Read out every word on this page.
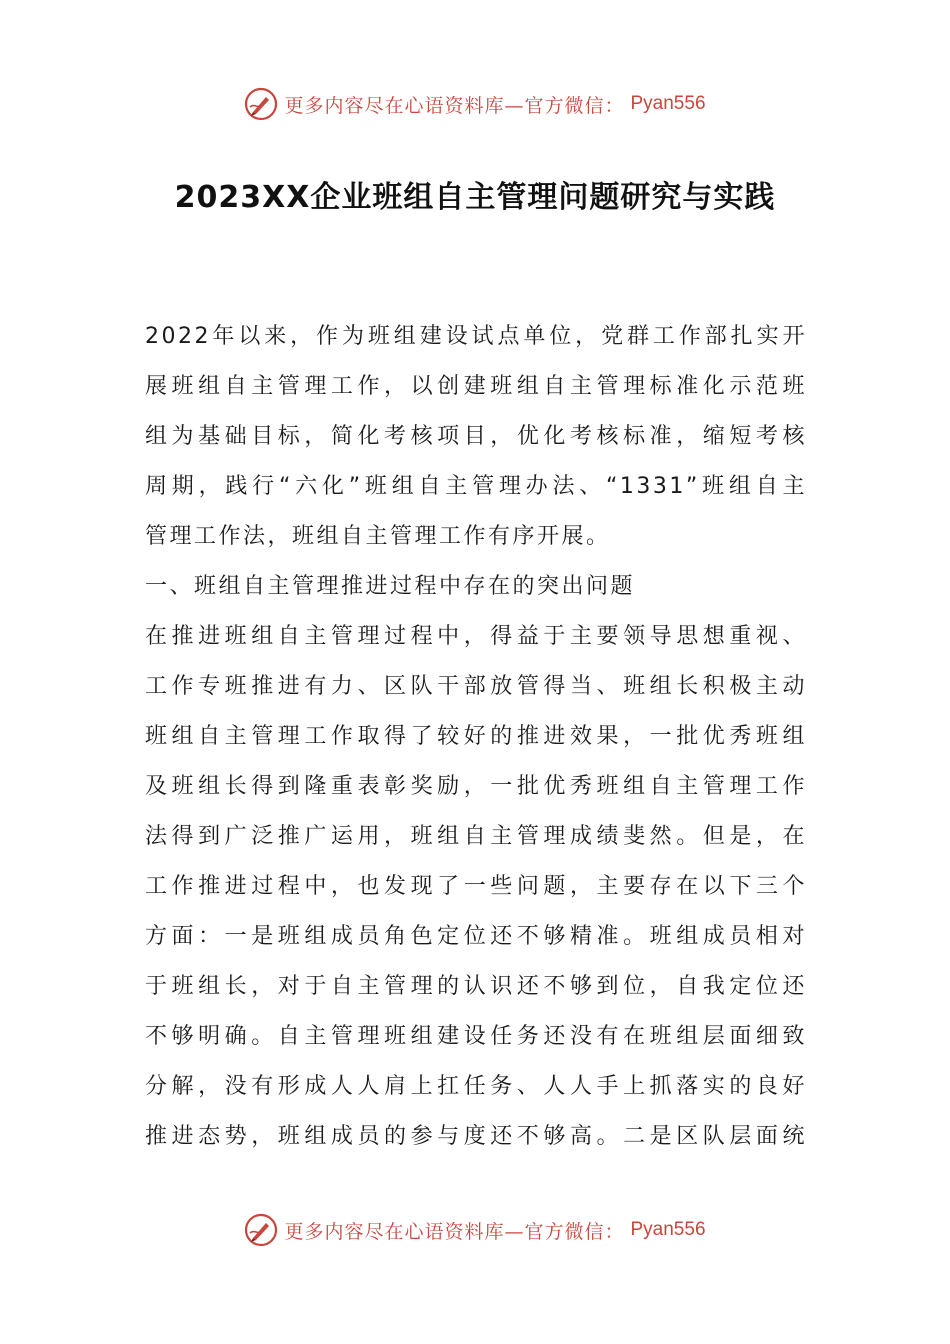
更多内容尽在心语资料库—官方微信： Pyan556
2023XX企业班组自主管理问题研究与实践
2022年以来，作为班组建设试点单位，党群工作部扎实开
展班组自主管理工作，以创建班组自主管理标准化示范班
组为基础目标，简化考核项目，优化考核标准，缩短考核
周期，践行“六化”班组自主管理办法、“1331”班组自主
管理工作法，班组自主管理工作有序开展。
一、班组自主管理推进过程中存在的突出问题
在推进班组自主管理过程中，得益于主要领导思想重视、
工作专班推进有力、区队干部放管得当、班组长积极主动
班组自主管理工作取得了较好的推进效果，一批优秀班组
及班组长得到隆重表彰奖励，一批优秀班组自主管理工作
法得到广泛推广运用，班组自主管理成绩斐然。但是，在
工作推进过程中，也发现了一些问题，主要存在以下三个
方面：一是班组成员角色定位还不够精准。班组成员相对
于班组长，对于自主管理的认识还不够到位，自我定位还
不够明确。自主管理班组建设任务还没有在班组层面细致
分解，没有形成人人肩上扛任务、人人手上抓落实的良好
推进态势，班组成员的参与度还不够高。二是区队层面统
更多内容尽在心语资料库—官方微信： Pyan556
